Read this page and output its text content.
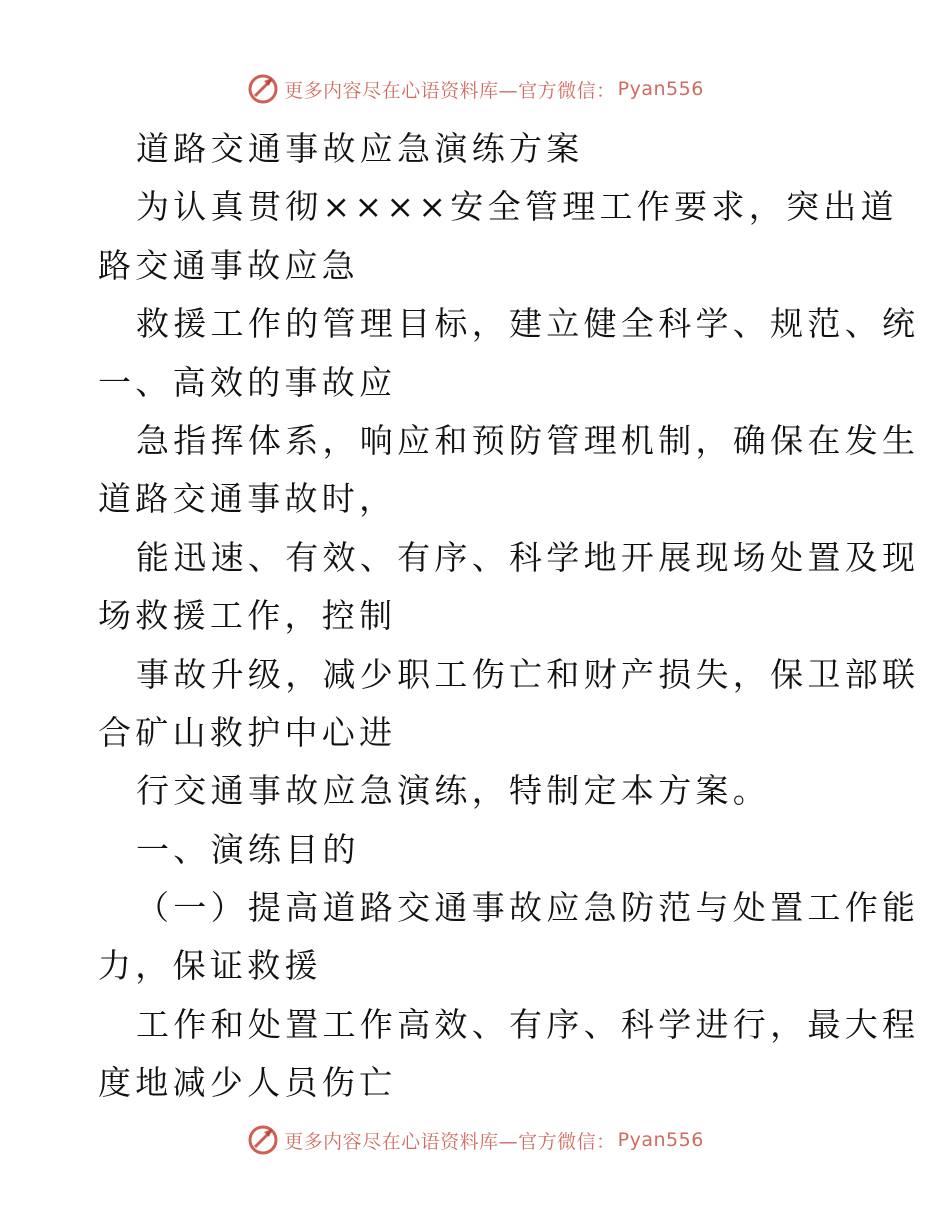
更多内容尽在心语资料库—官方微信： Pyan556
道路交通事故应急演练方案
为认真贯彻××××安全管理工作要求，突出道
路交通事故应急
救援工作的管理目标，建立健全科学、规范、统
一、高效的事故应
急指挥体系，响应和预防管理机制，确保在发生
道路交通事故时，
能迅速、有效、有序、科学地开展现场处置及现
场救援工作，控制
事故升级，减少职工伤亡和财产损失，保卫部联
合矿山救护中心进
行交通事故应急演练，特制定本方案。
一、演练目的
（一）提高道路交通事故应急防范与处置工作能
力，保证救援
工作和处置工作高效、有序、科学进行，最大程
度地减少人员伤亡
更多内容尽在心语资料库—官方微信： Pyan556
